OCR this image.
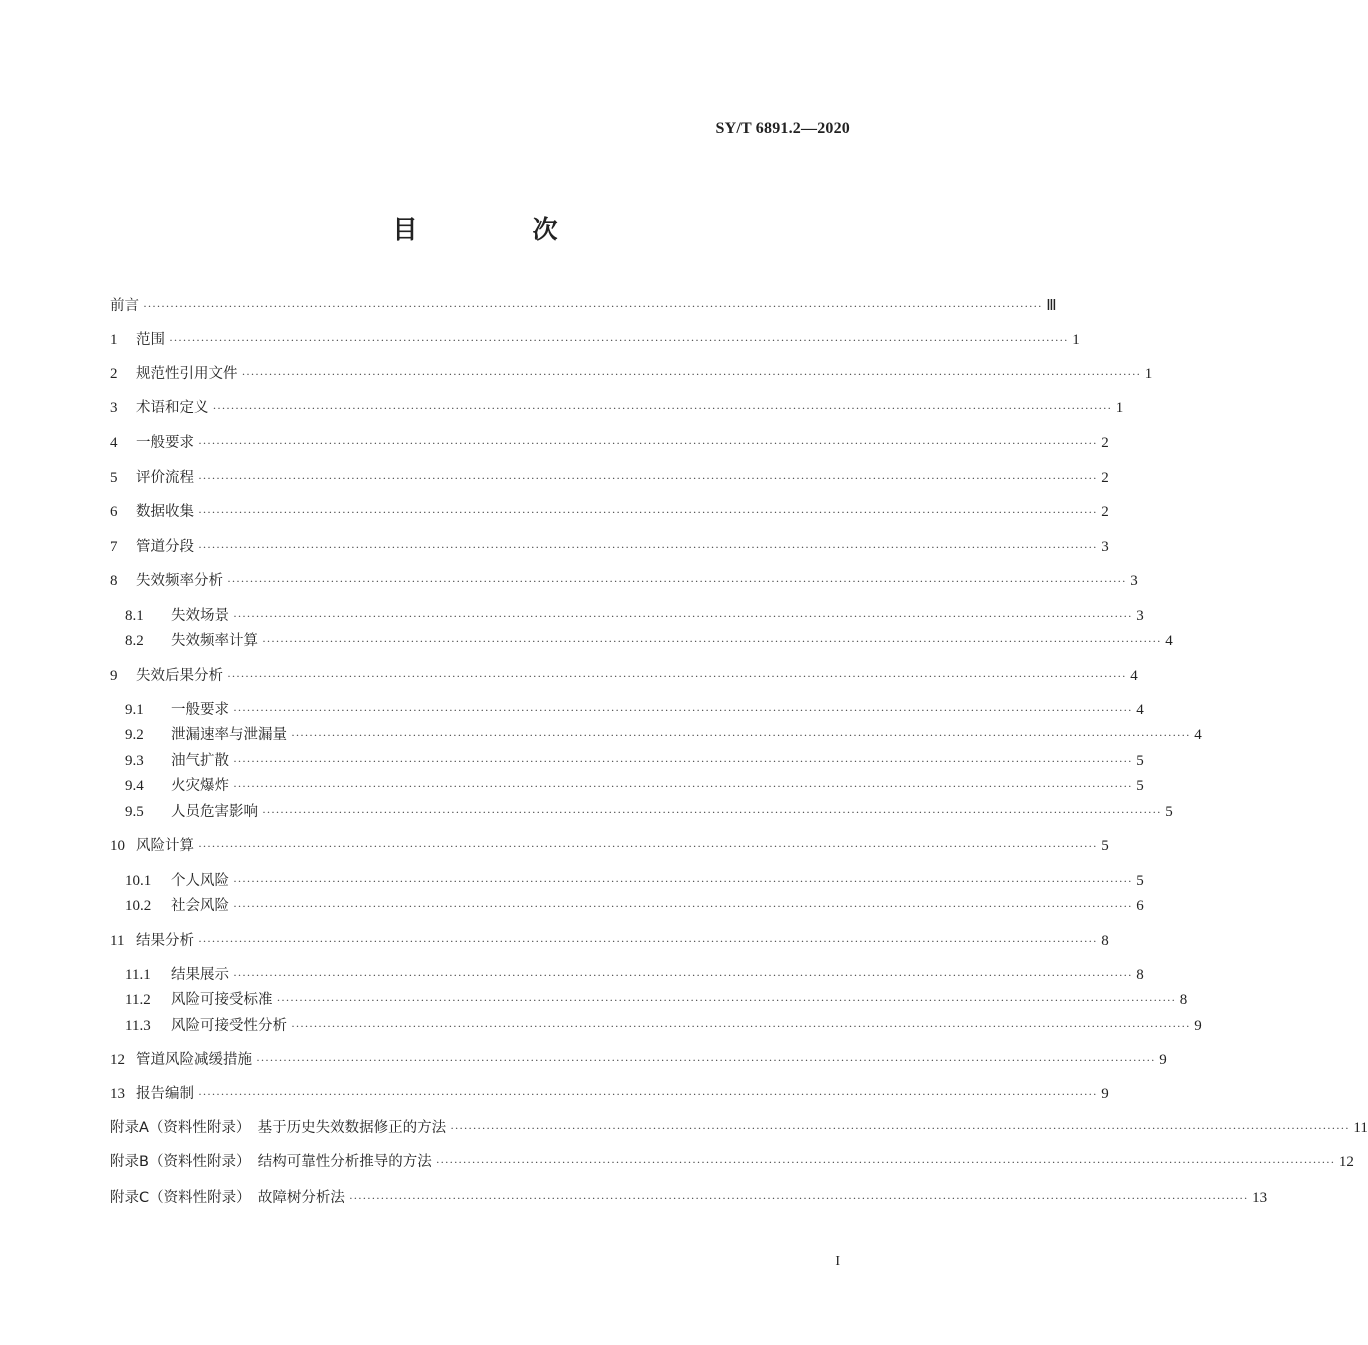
SY/T 6891.2—2020
目　次
前言 ········································································································································································································ Ⅲ
1	范围 ········································································································································································································ 1
2	规范性引用文件 ········································································································································································································ 1
3	术语和定义 ········································································································································································································ 1
4	一般要求 ········································································································································································································ 2
5	评价流程 ········································································································································································································ 2
6	数据收集 ········································································································································································································ 2
7	管道分段 ········································································································································································································ 3
8	失效频率分析 ········································································································································································································ 3
8.1	失效场景 ········································································································································································································ 3
8.2	失效频率计算 ········································································································································································································ 4
9	失效后果分析 ········································································································································································································ 4
9.1	一般要求 ········································································································································································································ 4
9.2	泄漏速率与泄漏量 ········································································································································································································ 4
9.3	油气扩散 ········································································································································································································ 5
9.4	火灾爆炸 ········································································································································································································ 5
9.5	人员危害影响 ········································································································································································································ 5
10 风险计算 ········································································································································································································ 5
10.1	个人风险 ········································································································································································································ 5
10.2	社会风险 ········································································································································································································ 6
11 结果分析 ········································································································································································································ 8
11.1	结果展示 ········································································································································································································ 8
11.2	风险可接受标准 ········································································································································································································ 8
11.3	风险可接受性分析 ········································································································································································································ 9
12 管道风险减缓措施 ········································································································································································································ 9
13 报告编制 ········································································································································································································ 9
附录A（资料性附录）　基于历史失效数据修正的方法 ········································································································································································································ 11
附录B（资料性附录）　结构可靠性分析推导的方法 ········································································································································································································ 12
附录C（资料性附录）　故障树分析法 ········································································································································································································ 13
I
